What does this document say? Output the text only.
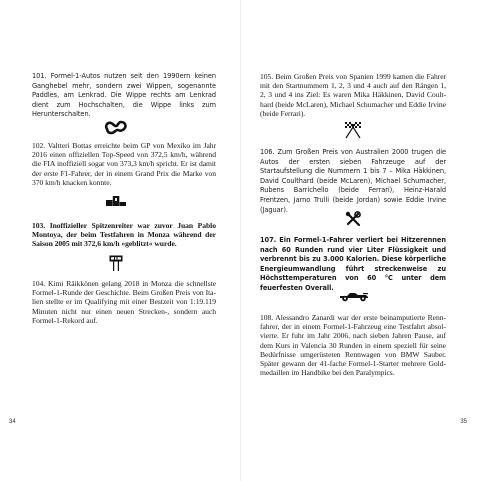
101. Formel-1-Autos nutzen seit den 1990ern keinen Ganghebel mehr, sondern zwei Wippen, sogenannte Paddles, am Lenkrad. Die Wippe rechts am Lenkrad dient zum Hochschalten, die Wippe links zum Herunterschalten.

102. Valtteri Bottas erreichte beim GP von Mexiko im Jahr 2016 einen offiziellen Top-Speed von 372,5 km/h, während die FIA inoffiziell sogar von 373,3 km/h spricht. Er ist damit der erste F1-Fahrer, der in einem Grand Prix die Marke von 370 km/h knacken konnte.

103. Inoffizieller Spitzenreiter war zuvor Juan Pablo Montoya, der beim Testfahren in Monza während der Saison 2005 mit 372,6 km/h »geblitzt« wurde.

104. Kimi Räikkönen gelang 2018 in Monza die schnellste Formel-1-Runde der Geschichte. Beim Großen Preis von Italien stellte er im Qualifying mit einer Bestzeit von 1:19.119 Minuten nicht nur einen neuen Strecken-, sondern auch Formel-1-Rekord auf.

34

105. Beim Großen Preis von Spanien 1999 kamen die Fahrer mit den Startnummern 1, 2, 3 und 4 auch auf den Rängen 1, 2, 3 und 4 ins Ziel: Es waren Mika Häkkinen, David Coulthard (beide McLaren), Michael Schumacher und Eddie Irvine (beide Ferrari).

106. Zum Großen Preis von Australien 2000 trugen die Autos der ersten sieben Fahrzeuge auf der Startaufstellung die Nummern 1 bis 7 – Mika Häkkinen, David Coulthard (beide McLaren), Michael Schumacher, Rubens Barrichello (beide Ferrari), Heinz-Harald Frentzen, Jarno Trulli (beide Jordan) sowie Eddie Irvine (Jaguar).

107. Ein Formel-1-Fahrer verliert bei Hitzerennen nach 60 Runden rund vier Liter Flüssigkeit und verbrennt bis zu 3.000 Kalorien. Diese körperliche Energieumwandlung führt streckenweise zu Höchsttemperaturen von 60 °C unter dem feuerfesten Overall.

108. Alessandro Zanardi war der erste beinamputierte Rennfahrer, der in einem Formel-1-Fahrzeug eine Testfahrt absolvierte. Er fuhr im Jahr 2006, nach sieben Jahren Pause, auf dem Kurs in Valencia 30 Runden in einem speziell für seine Bedürfnisse umgerüsteten Rennwagen von BMW Sauber. Später gewann der 41-fache Formel-1-Starter mehrere Goldmedaillen im Handbike bei den Paralympics.

35
